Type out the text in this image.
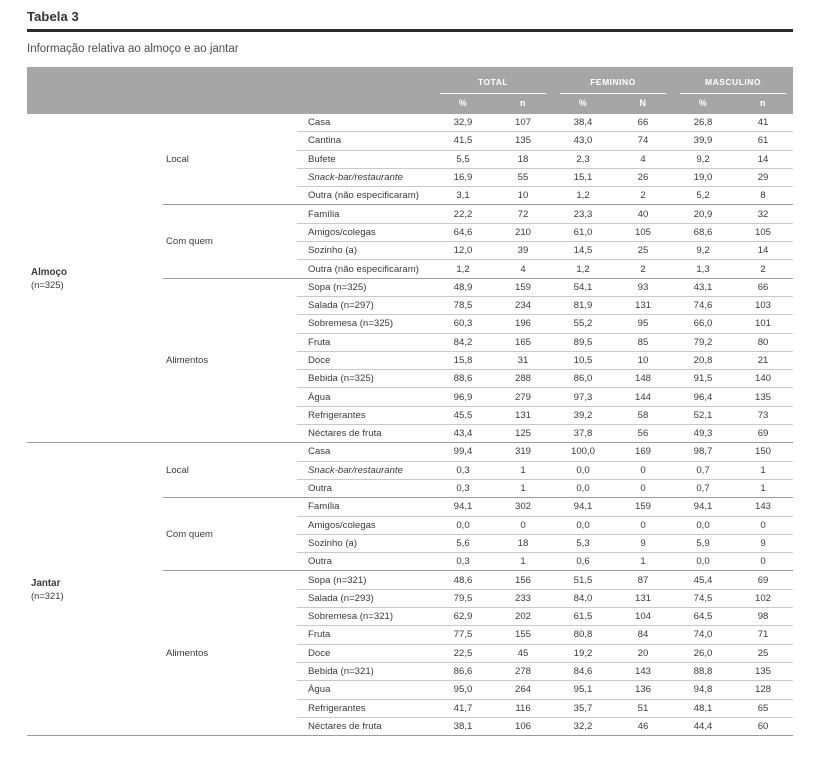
Tabela 3
Informação relativa ao almoço e ao jantar

			TOTAL		FEMININO		MASCULINO	

			%	n	%	N	%	n

Almoço
(n=325)	Local	Casa	32,9	107	38,4	66	26,8	41
		Cantina	41,5	135	43,0	74	39,9	61
		Bufete	5,5	18	2,3	4	9,2	14
		Snack-bar/restaurante	16,9	55	15,1	26	19,0	29
		Outra (não especificaram)	3,1	10	1,2	2	5,2	8
	Com quem	Família	22,2	72	23,3	40	20,9	32
		Amigos/colegas	64,6	210	61,0	105	68,6	105
		Sozinho (a)	12,0	39	14,5	25	9,2	14
		Outra (não especificaram)	1,2	4	1,2	2	1,3	2
	Alimentos	Sopa (n=325)	48,9	159	54,1	93	43,1	66
		Salada (n=297)	78,5	234	81,9	131	74,6	103
		Sobremesa (n=325)	60,3	196	55,2	95	66,0	101
		Fruta	84,2	165	89,5	85	79,2	80
		Doce	15,8	31	10,5	10	20,8	21
		Bebida (n=325)	88,6	288	86,0	148	91,5	140
		Água	96,9	279	97,3	144	96,4	135
		Refrigerantes	45,5	131	39,2	58	52,1	73
		Néctares de fruta	43,4	125	37,8	56	49,3	69

Jantar
(n=321)	Local	Casa	99,4	319	100,0	169	98,7	150
		Snack-bar/restaurante	0,3	1	0,0	0	0,7	1
		Outra	0,3	1	0,0	0	0,7	1
	Com quem	Família	94,1	302	94,1	159	94,1	143
		Amigos/colegas	0,0	0	0,0	0	0,0	0
		Sozinho (a)	5,6	18	5,3	9	5,9	9
		Outra	0,3	1	0,6	1	0,0	0
	Alimentos	Sopa (n=321)	48,6	156	51,5	87	45,4	69
		Salada (n=293)	79,5	233	84,0	131	74,5	102
		Sobremesa (n=321)	62,9	202	61,5	104	64,5	98
		Fruta	77,5	155	80,8	84	74,0	71
		Doce	22,5	45	19,2	20	26,0	25
		Bebida (n=321)	86,6	278	84,6	143	88,8	135
		Água	95,0	264	95,1	136	94,8	128
		Refrigerantes	41,7	116	35,7	51	48,1	65
		Néctares de fruta	38,1	106	32,2	46	44,4	60
